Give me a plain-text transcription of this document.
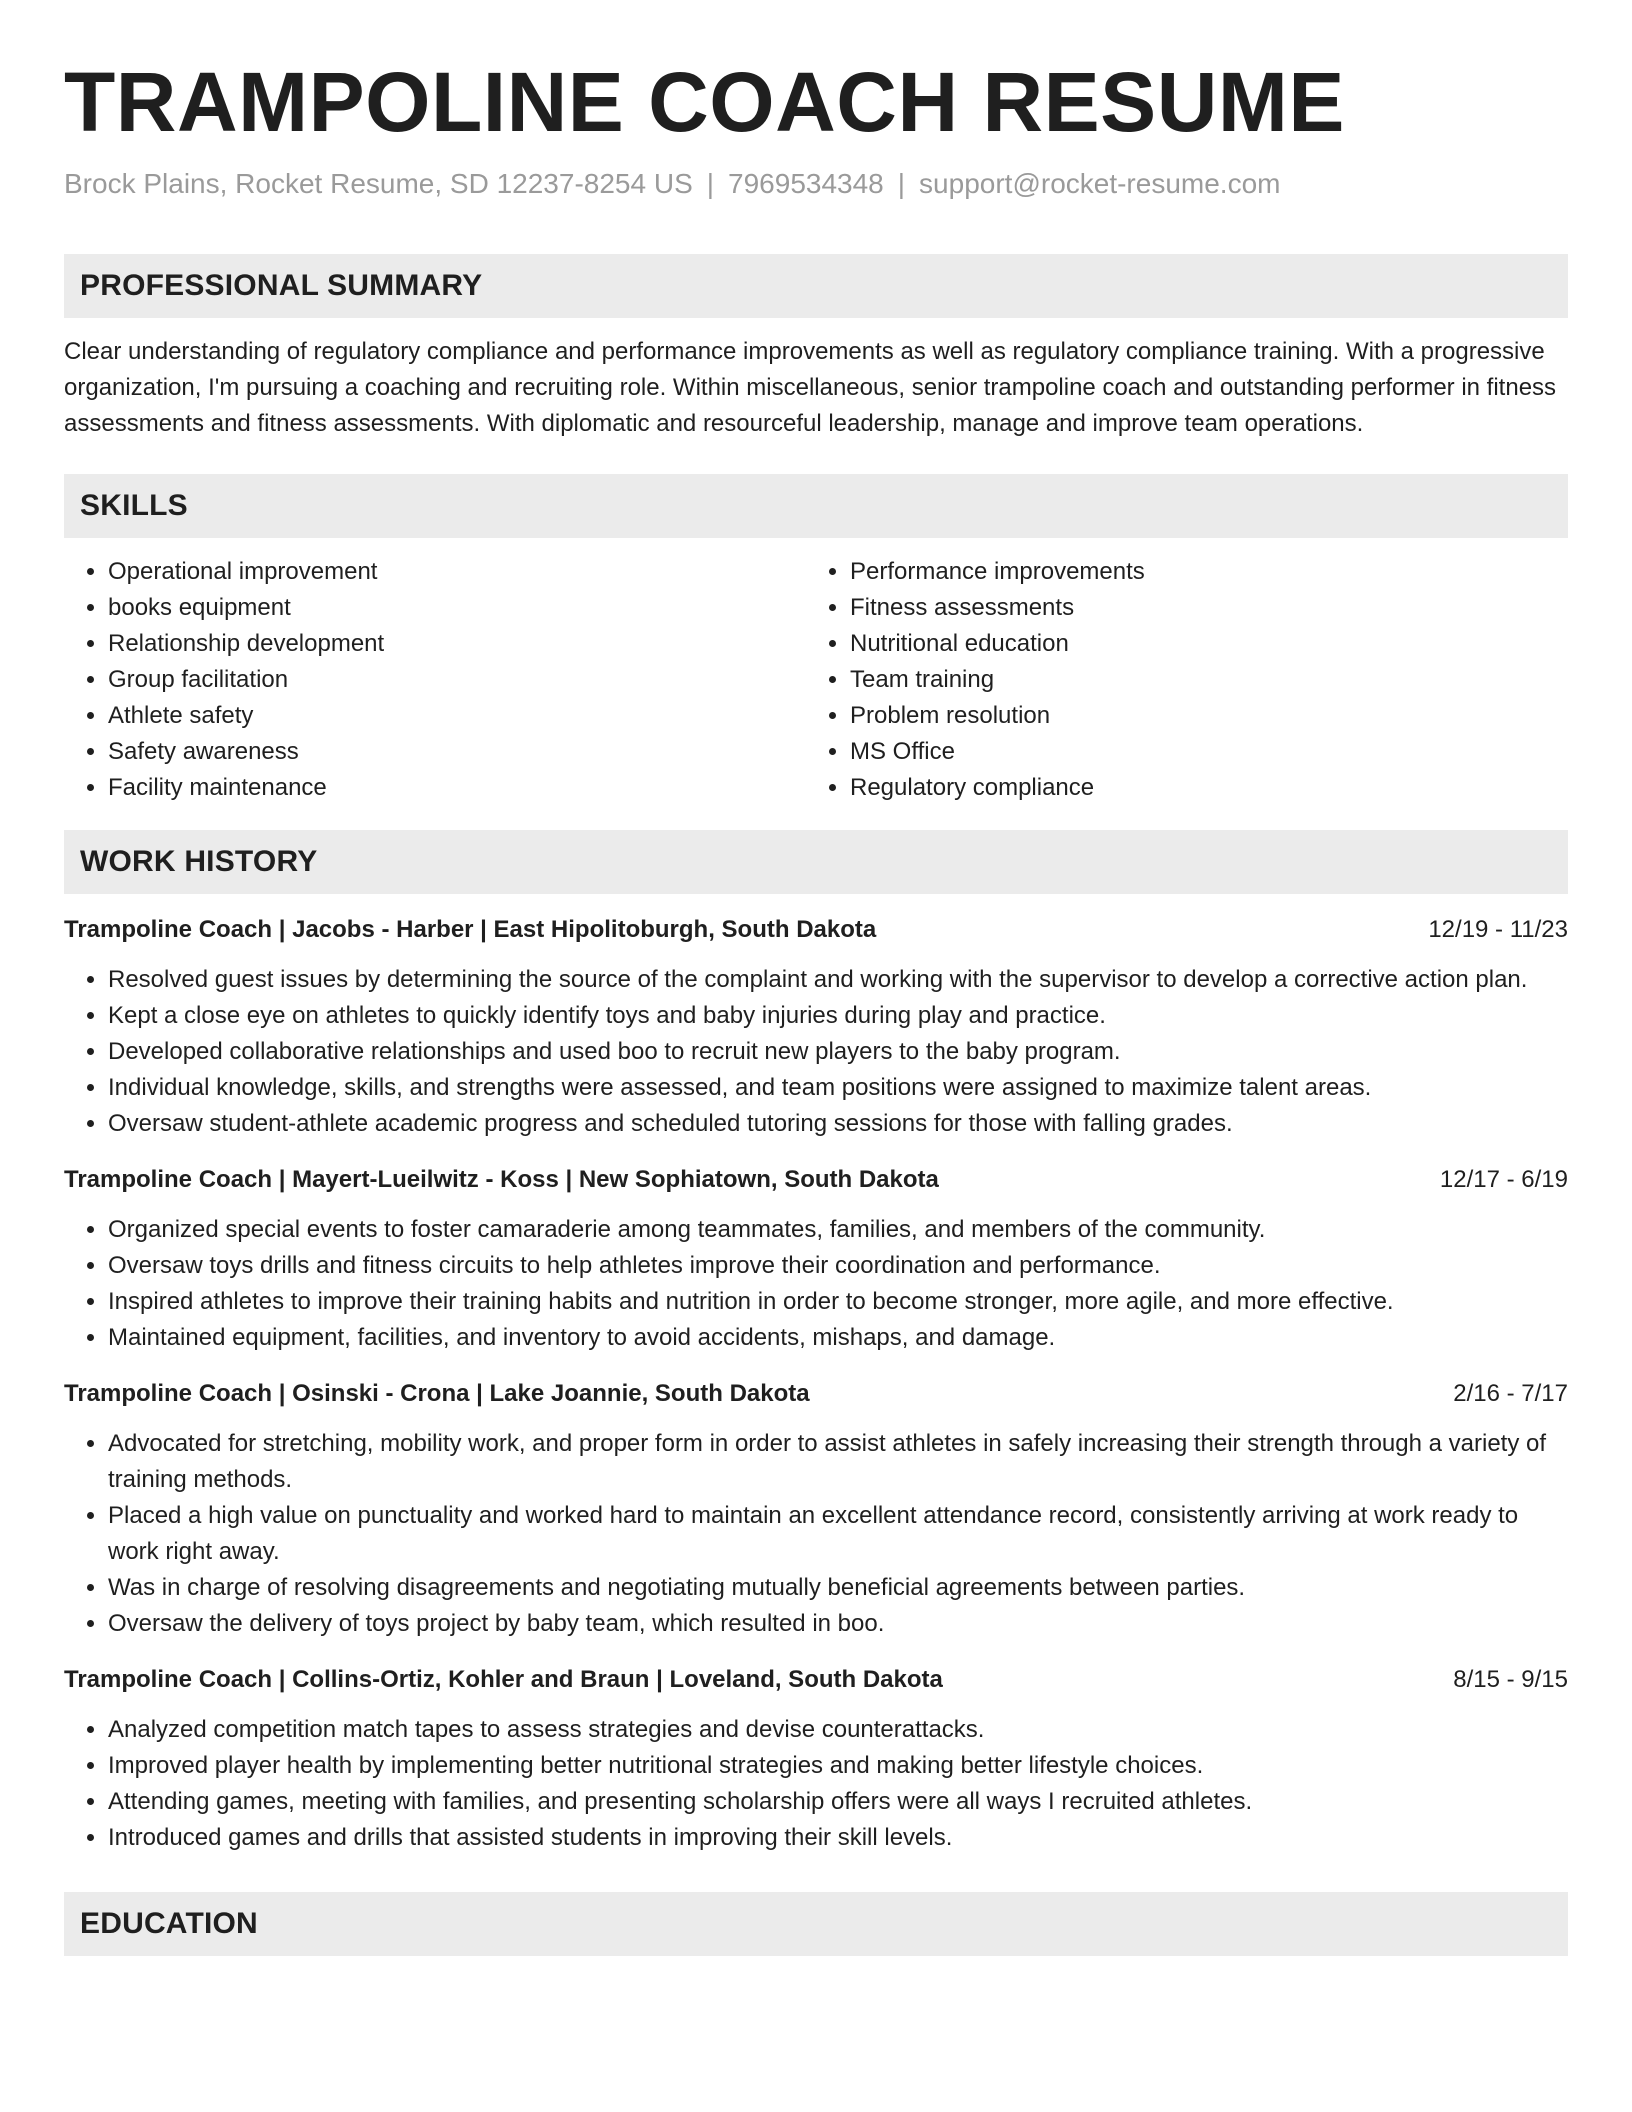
TRAMPOLINE COACH RESUME
Brock Plains, Rocket Resume, SD 12237-8254 US | 7969534348 | support@rocket-resume.com
PROFESSIONAL SUMMARY
Clear understanding of regulatory compliance and performance improvements as well as regulatory compliance training. With a progressive organization, I'm pursuing a coaching and recruiting role. Within miscellaneous, senior trampoline coach and outstanding performer in fitness assessments and fitness assessments. With diplomatic and resourceful leadership, manage and improve team operations.
SKILLS
• Operational improvement
• books equipment
• Relationship development
• Group facilitation
• Athlete safety
• Safety awareness
• Facility maintenance
• Performance improvements
• Fitness assessments
• Nutritional education
• Team training
• Problem resolution
• MS Office
• Regulatory compliance
WORK HISTORY
Trampoline Coach | Jacobs - Harber | East Hipolitoburgh, South Dakota	12/19 - 11/23
• Resolved guest issues by determining the source of the complaint and working with the supervisor to develop a corrective action plan.
• Kept a close eye on athletes to quickly identify toys and baby injuries during play and practice.
• Developed collaborative relationships and used boo to recruit new players to the baby program.
• Individual knowledge, skills, and strengths were assessed, and team positions were assigned to maximize talent areas.
• Oversaw student-athlete academic progress and scheduled tutoring sessions for those with falling grades.
Trampoline Coach | Mayert-Lueilwitz - Koss | New Sophiatown, South Dakota	12/17 - 6/19
• Organized special events to foster camaraderie among teammates, families, and members of the community.
• Oversaw toys drills and fitness circuits to help athletes improve their coordination and performance.
• Inspired athletes to improve their training habits and nutrition in order to become stronger, more agile, and more effective.
• Maintained equipment, facilities, and inventory to avoid accidents, mishaps, and damage.
Trampoline Coach | Osinski - Crona | Lake Joannie, South Dakota	2/16 - 7/17
• Advocated for stretching, mobility work, and proper form in order to assist athletes in safely increasing their strength through a variety of training methods.
• Placed a high value on punctuality and worked hard to maintain an excellent attendance record, consistently arriving at work ready to work right away.
• Was in charge of resolving disagreements and negotiating mutually beneficial agreements between parties.
• Oversaw the delivery of toys project by baby team, which resulted in boo.
Trampoline Coach | Collins-Ortiz, Kohler and Braun | Loveland, South Dakota	8/15 - 9/15
• Analyzed competition match tapes to assess strategies and devise counterattacks.
• Improved player health by implementing better nutritional strategies and making better lifestyle choices.
• Attending games, meeting with families, and presenting scholarship offers were all ways I recruited athletes.
• Introduced games and drills that assisted students in improving their skill levels.
EDUCATION
